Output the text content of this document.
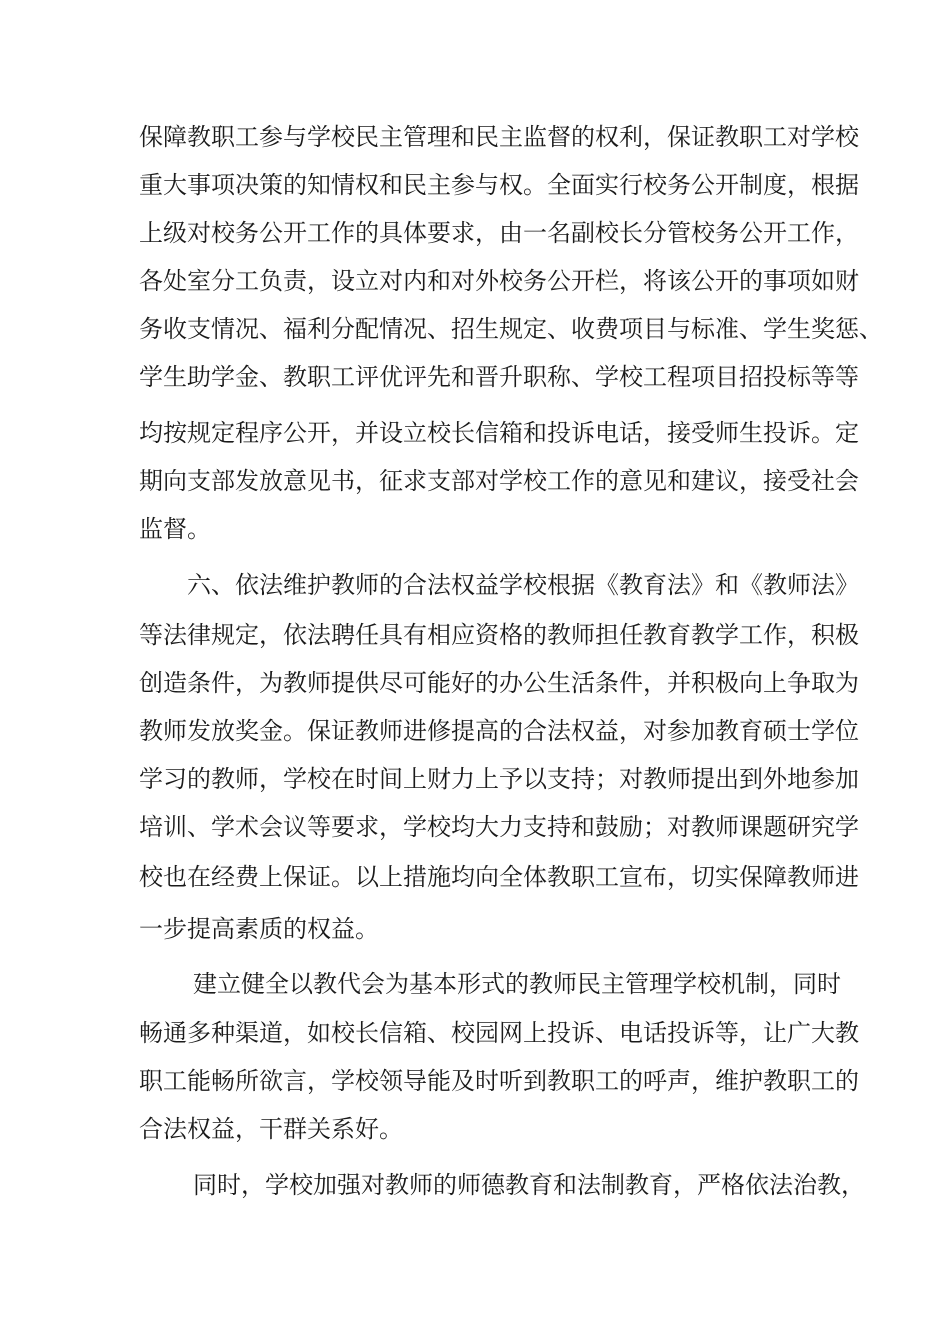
保障教职工参与学校民主管理和民主监督的权利，保证教职工对学校
重大事项决策的知情权和民主参与权。全面实行校务公开制度，根据
上级对校务公开工作的具体要求，由一名副校长分管校务公开工作，
各处室分工负责，设立对内和对外校务公开栏，将该公开的事项如财
务收支情况、福利分配情况、招生规定、收费项目与标准、学生奖惩、
学生助学金、教职工评优评先和晋升职称、学校工程项目招投标等等
均按规定程序公开，并设立校长信箱和投诉电话，接受师生投诉。定
期向支部发放意见书，征求支部对学校工作的意见和建议，接受社会
监督。
六、依法维护教师的合法权益学校根据《教育法》和《教师法》
等法律规定，依法聘任具有相应资格的教师担任教育教学工作，积极
创造条件，为教师提供尽可能好的办公生活条件，并积极向上争取为
教师发放奖金。保证教师进修提高的合法权益，对参加教育硕士学位
学习的教师，学校在时间上财力上予以支持；对教师提出到外地参加
培训、学术会议等要求，学校均大力支持和鼓励；对教师课题研究学
校也在经费上保证。以上措施均向全体教职工宣布，切实保障教师进
一步提高素质的权益。
建立健全以教代会为基本形式的教师民主管理学校机制，同时
畅通多种渠道，如校长信箱、校园网上投诉、电话投诉等，让广大教
职工能畅所欲言，学校领导能及时听到教职工的呼声，维护教职工的
合法权益，干群关系好。
同时，学校加强对教师的师德教育和法制教育，严格依法治教，
